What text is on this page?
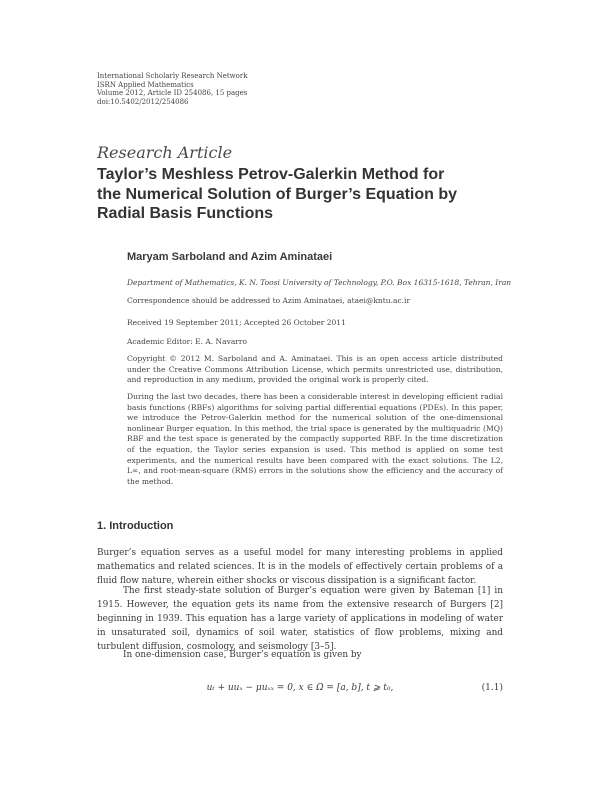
International Scholarly Research Network
ISRN Applied Mathematics
Volume 2012, Article ID 254086, 15 pages
doi:10.5402/2012/254086
Research Article
Taylor’s Meshless Petrov-Galerkin Method for
the Numerical Solution of Burger’s Equation by
Radial Basis Functions
Maryam Sarboland and Azim Aminataei
Department of Mathematics, K. N. Toosi University of Technology, P.O. Box 16315-1618, Tehran, Iran
Correspondence should be addressed to Azim Aminataei, ataei@kntu.ac.ir
Received 19 September 2011; Accepted 26 October 2011
Academic Editor: E. A. Navarro
Copyright © 2012 M. Sarboland and A. Aminataei. This is an open access article distributed under the Creative Commons Attribution License, which permits unrestricted use, distribution, and reproduction in any medium, provided the original work is properly cited.
During the last two decades, there has been a considerable interest in developing efficient radial basis functions (RBFs) algorithms for solving partial differential equations (PDEs). In this paper, we introduce the Petrov-Galerkin method for the numerical solution of the one-dimensional nonlinear Burger equation. In this method, the trial space is generated by the multiquadric (MQ) RBF and the test space is generated by the compactly supported RBF. In the time discretization of the equation, the Taylor series expansion is used. This method is applied on some test experiments, and the numerical results have been compared with the exact solutions. The L2, L∞, and root-mean-square (RMS) errors in the solutions show the efficiency and the accuracy of the method.
1. Introduction
Burger’s equation serves as a useful model for many interesting problems in applied mathematics and related sciences. It is in the models of effectively certain problems of a fluid flow nature, wherein either shocks or viscous dissipation is a significant factor.
The first steady-state solution of Burger’s equation were given by Bateman [1] in 1915. However, the equation gets its name from the extensive research of Burgers [2] beginning in 1939. This equation has a large variety of applications in modeling of water in unsaturated soil, dynamics of soil water, statistics of flow problems, mixing and turbulent diffusion, cosmology, and seismology [3–5].
In one-dimension case, Burger’s equation is given by
uₜ + uuₓ − μuₓₓ = 0, x ∈ Ω = [a, b], t ⩾ t₀,	(1.1)
